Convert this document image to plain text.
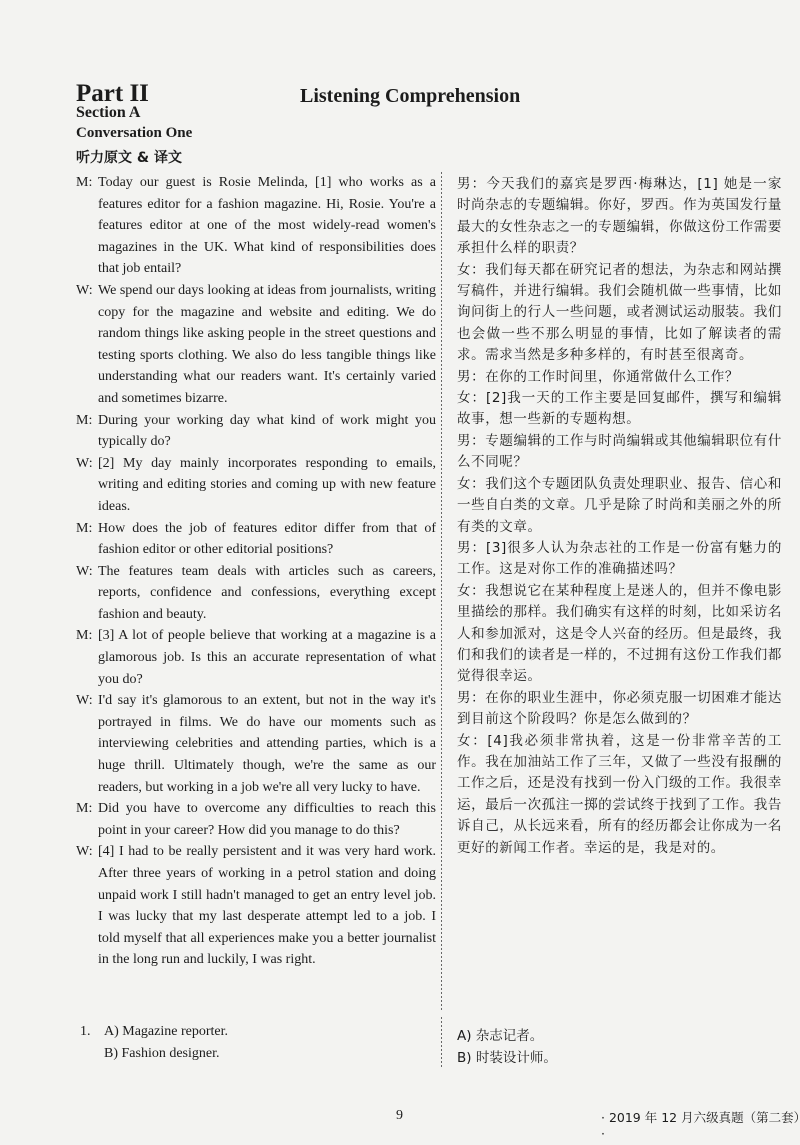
Part II	Listening Comprehension
Section A
Conversation One
听力原文 & 译文
M: Today our guest is Rosie Melinda, [1] who works as a features editor for a fashion magazine. Hi, Rosie. You're a features editor at one of the most widely-read women's magazines in the UK. What kind of responsibilities does that job entail?
W: We spend our days looking at ideas from journalists, writing copy for the magazine and website and editing. We do random things like asking people in the street questions and testing sports clothing. We also do less tangible things like understanding what our readers want. It's certainly varied and sometimes bizarre.
M: During your working day what kind of work might you typically do?
W: [2] My day mainly incorporates responding to emails, writing and editing stories and coming up with new feature ideas.
M: How does the job of features editor differ from that of fashion editor or other editorial positions?
W: The features team deals with articles such as careers, reports, confidence and confessions, everything except fashion and beauty.
M: [3] A lot of people believe that working at a magazine is a glamorous job. Is this an accurate representation of what you do?
W: I'd say it's glamorous to an extent, but not in the way it's portrayed in films. We do have our moments such as interviewing celebrities and attending parties, which is a huge thrill. Ultimately though, we're the same as our readers, but working in a job we're all very lucky to have.
M: Did you have to overcome any difficulties to reach this point in your career? How did you manage to do this?
W: [4] I had to be really persistent and it was very hard work. After three years of working in a petrol station and doing unpaid work I still hadn't managed to get an entry level job. I was lucky that my last desperate attempt led to a job. I told myself that all experiences make you a better journalist in the long run and luckily, I was right.

男：今天我们的嘉宾是罗西·梅琳达，[1] 她是一家时尚杂志的专题编辑。你好，罗西。作为英国发行量最大的女性杂志之一的专题编辑，你做这份工作需要承担什么样的职责？

女：我们每天都在研究记者的想法，为杂志和网站撰写稿件，并进行编辑。我们会随机做一些事情，比如询问街上的行人一些问题，或者测试运动服装。我们也会做一些不那么明显的事情，比如了解读者的需求。需求当然是多种多样的，有时甚至很离奇。

男：在你的工作时间里，你通常做什么工作？

女：[2]我一天的工作主要是回复邮件，撰写和编辑故事，想一些新的专题构想。

男：专题编辑的工作与时尚编辑或其他编辑职位有什么不同呢？

女：我们这个专题团队负责处理职业、报告、信心和一些自白类的文章。几乎是除了时尚和美丽之外的所有类的文章。

男：[3]很多人认为杂志社的工作是一份富有魅力的工作。这是对你工作的准确描述吗？

女：我想说它在某种程度上是迷人的，但并不像电影里描绘的那样。我们确实有这样的时刻，比如采访名人和参加派对，这是令人兴奋的经历。但是最终，我们和我们的读者是一样的，不过拥有这份工作我们都觉得很幸运。

男：在你的职业生涯中，你必须克服一切困难才能达到目前这个阶段吗？你是怎么做到的？

女：[4]我必须非常执着，这是一份非常辛苦的工作。我在加油站工作了三年，又做了一些没有报酬的工作之后，还是没有找到一份入门级的工作。我很幸运，最后一次孤注一掷的尝试终于找到了工作。我告诉自己，从长远来看，所有的经历都会让你成为一名更好的新闻工作者。幸运的是，我是对的。

1. A) Magazine reporter.
B) Fashion designer.
A) 杂志记者。
B) 时装设计师。
9	· 2019 年 12 月六级真题（第二套）·
